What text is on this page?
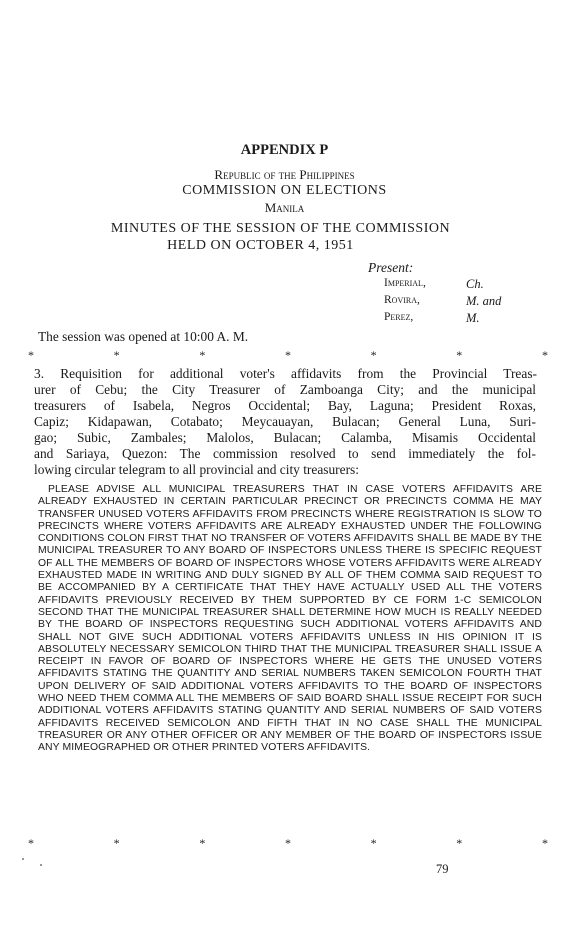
APPENDIX P
Republic of the Philippines
COMMISSION ON ELECTIONS
Manila
MINUTES OF THE SESSION OF THE COMMISSION
HELD ON OCTOBER 4, 1951
Present:
Imperial,	Ch.
Rovira,	M. and
Perez,	M.
The session was opened at 10:00 A. M.
*	*	*	*	*	*	*
3. Requisition for additional voter's affidavits from the Provincial Treas-
urer of Cebu; the City Treasurer of Zamboanga City; and the municipal
treasurers of Isabela, Negros Occidental; Bay, Laguna; President Roxas,
Capiz; Kidapawan, Cotabato; Meycauayan, Bulacan; General Luna, Suri-
gao; Subic, Zambales; Malolos, Bulacan; Calamba, Misamis Occidental
and Sariaya, Quezon: The commission resolved to send immediately the fol-
lowing circular telegram to all provincial and city treasurers:

PLEASE ADVISE ALL MUNICIPAL TREASURERS THAT IN CASE VOTERS AFFIDAVITS ARE ALREADY EXHAUSTED IN CERTAIN PARTICULAR PRECINCT OR PRECINCTS COMMA HE MAY TRANSFER UNUSED VOTERS AFFIDAVITS FROM PRECINCTS WHERE REGISTRATION IS SLOW TO PRECINCTS WHERE VOTERS AFFIDAVITS ARE ALREADY EXHAUSTED UNDER THE FOLLOWING CONDITIONS COLON FIRST THAT NO TRANSFER OF VOTERS AFFIDAVITS SHALL BE MADE BY THE MUNICIPAL TREASURER TO ANY BOARD OF INSPECTORS UNLESS THERE IS SPECIFIC REQUEST OF ALL THE MEMBERS OF BOARD OF INSPECTORS WHOSE VOTERS AFFIDAVITS WERE ALREADY EXHAUSTED MADE IN WRITING AND DULY SIGNED BY ALL OF THEM COMMA SAID REQUEST TO BE ACCOMPANIED BY A CERTIFICATE THAT THEY HAVE ACTUALLY USED ALL THE VOTERS AFFIDAVITS PREVIOUSLY RECEIVED BY THEM SUPPORTED BY CE FORM 1-C SEMICOLON SECOND THAT THE MUNICIPAL TREASURER SHALL DETERMINE HOW MUCH IS REALLY NEEDED BY THE BOARD OF INSPECTORS REQUESTING SUCH ADDITIONAL VOTERS AFFIDAVITS AND SHALL NOT GIVE SUCH ADDITIONAL VOTERS AFFIDAVITS UNLESS IN HIS OPINION IT IS ABSOLUTELY NECESSARY SEMICOLON THIRD THAT THE MUNICIPAL TREASURER SHALL ISSUE A RECEIPT IN FAVOR OF BOARD OF INSPECTORS WHERE HE GETS THE UNUSED VOTERS AFFIDAVITS STATING THE QUANTITY AND SERIAL NUMBERS TAKEN SEMICOLON FOURTH THAT UPON DELIVERY OF SAID ADDITIONAL VOTERS AFFIDAVITS TO THE BOARD OF INSPECTORS WHO NEED THEM COMMA ALL THE MEMBERS OF SAID BOARD SHALL ISSUE RECEIPT FOR SUCH ADDITIONAL VOTERS AFFIDAVITS STATING QUANTITY AND SERIAL NUMBERS OF SAID VOTERS AFFIDAVITS RECEIVED SEMICOLON AND FIFTH THAT IN NO CASE SHALL THE MUNICIPAL TREASURER OR ANY OTHER OFFICER OR ANY MEMBER OF THE BOARD OF INSPECTORS ISSUE ANY MIMEOGRAPHED OR OTHER PRINTED VOTERS AFFIDAVITS.

*	*	*	*	*	*	*
79
